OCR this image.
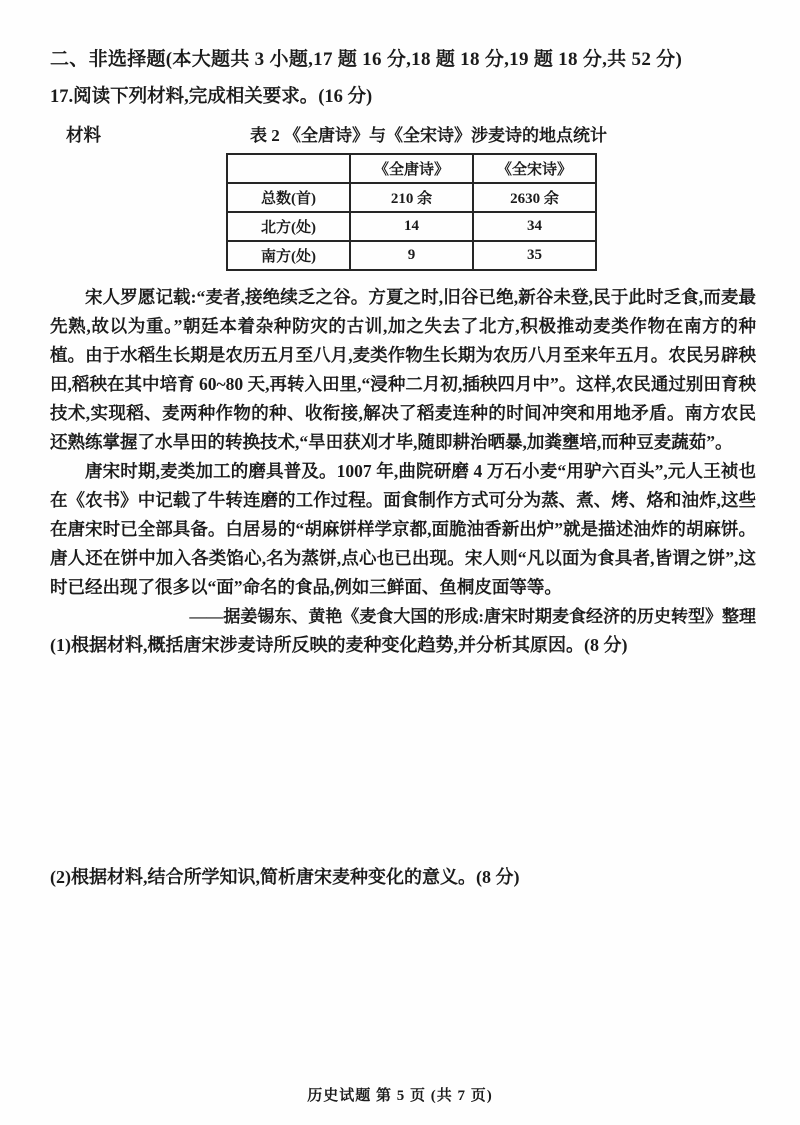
二、非选择题(本大题共 3 小题,17 题 16 分,18 题 18 分,19 题 18 分,共 52 分)

17.阅读下列材料,完成相关要求。(16 分)

材料	表 2 《全唐诗》与《全宋诗》涉麦诗的地点统计
	《全唐诗》	《全宋诗》
总数(首)	210 余	2630 余
北方(处)	14	34
南方(处)	9	35

宋人罗愿记载:“麦者,接绝续乏之谷。方夏之时,旧谷已绝,新谷未登,民于此时乏食,而麦最先熟,故以为重。”朝廷本着杂种防灾的古训,加之失去了北方,积极推动麦类作物在南方的种植。由于水稻生长期是农历五月至八月,麦类作物生长期为农历八月至来年五月。农民另辟秧田,稻秧在其中培育 60~80 天,再转入田里,“浸种二月初,插秧四月中”。这样,农民通过别田育秧技术,实现稻、麦两种作物的种、收衔接,解决了稻麦连种的时间冲突和用地矛盾。南方农民还熟练掌握了水旱田的转换技术,“旱田获刈才毕,随即耕治晒暴,加粪壅培,而种豆麦蔬茹”。

唐宋时期,麦类加工的磨具普及。1007 年,曲院研磨 4 万石小麦“用驴六百头”,元人王祯也在《农书》中记载了牛转连磨的工作过程。面食制作方式可分为蒸、煮、烤、烙和油炸,这些在唐宋时已全部具备。白居易的“胡麻饼样学京都,面脆油香新出炉”就是描述油炸的胡麻饼。唐人还在饼中加入各类馅心,名为蒸饼,点心也已出现。宋人则“凡以面为食具者,皆谓之饼”,这时已经出现了很多以“面”命名的食品,例如三鲜面、鱼桐皮面等等。

——据姜锡东、黄艳《麦食大国的形成:唐宋时期麦食经济的历史转型》整理

(1)根据材料,概括唐宋涉麦诗所反映的麦种变化趋势,并分析其原因。(8 分)

(2)根据材料,结合所学知识,简析唐宋麦种变化的意义。(8 分)

历史试题 第 5 页 (共 7 页)
